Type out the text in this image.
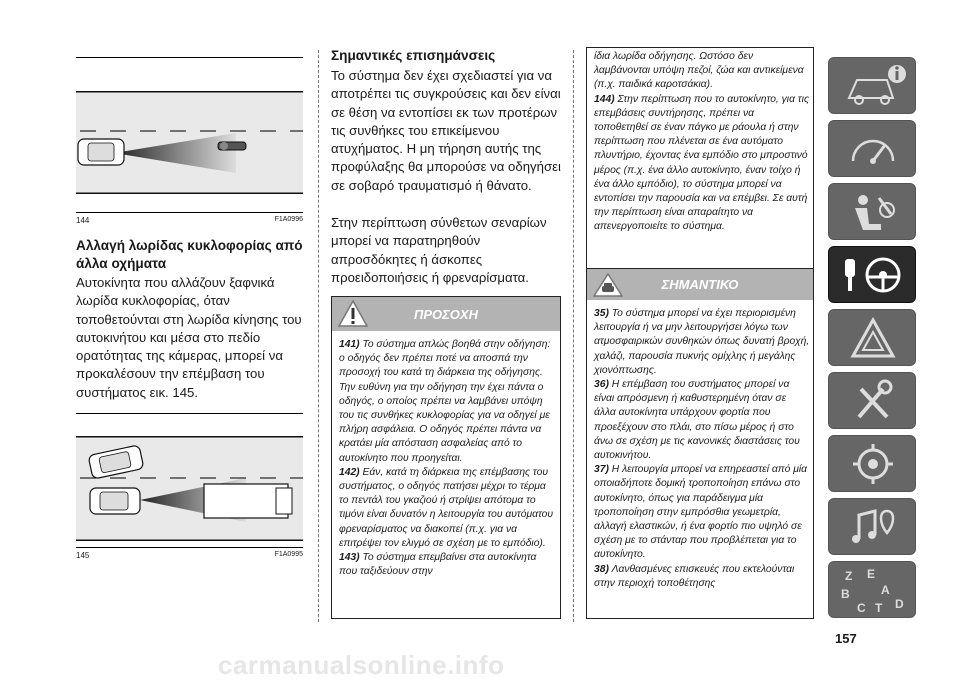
144	F1A0996
Αλλαγή λωρίδας κυκλοφορίας από άλλα οχήματα

Αυτοκίνητα που αλλάζουν ξαφνικά λωρίδα κυκλοφορίας, όταν τοποθετούνται στη λωρίδα κίνησης του αυτοκινήτου και μέσα στο πεδίο ορατότητας της κάμερας, μπορεί να προκαλέσουν την επέμβαση του συστήματος εικ. 145.

145	F1A0995
Σημαντικές επισημάνσεις

Το σύστημα δεν έχει σχεδιαστεί για να αποτρέπει τις συγκρούσεις και δεν είναι σε θέση να εντοπίσει εκ των προτέρων τις συνθήκες του επικείμενου ατυχήματος. Η μη τήρηση αυτής της προφύλαξης θα μπορούσε να οδηγήσει σε σοβαρό τραυματισμό ή θάνατο.

Στην περίπτωση σύνθετων σεναρίων μπορεί να παρατηρηθούν απροσδόκητες ή άσκοπες προειδοποιήσεις ή φρεναρίσματα.

ΠΡΟΣΟΧΗ
141) Το σύστημα απλώς βοηθά στην οδήγηση: ο οδηγός δεν πρέπει ποτέ να αποσπά την προσοχή του κατά τη διάρκεια της οδήγησης. Την ευθύνη για την οδήγηση την έχει πάντα ο οδηγός, ο οποίος πρέπει να λαμβάνει υπόψη του τις συνθήκες κυκλοφορίας για να οδηγεί με πλήρη ασφάλεια. Ο οδηγός πρέπει πάντα να κρατάει μία απόσταση ασφαλείας από το αυτοκίνητο που προηγείται.
142) Εάν, κατά τη διάρκεια της επέμβασης του συστήματος, ο οδηγός πατήσει μέχρι το τέρμα το πεντάλ του γκαζιού ή στρίψει απότομα το τιμόνι είναι δυνατόν η λειτουργία του αυτόματου φρεναρίσματος να διακοπεί (π.χ. για να επιτρέψει τον ελιγμό σε σχέση με το εμπόδιο).
143) Το σύστημα επεμβαίνει στα αυτοκίνητα που ταξιδεύουν στην
ίδια λωρίδα οδήγησης. Ωστόσο δεν λαμβάνονται υπόψη πεζοί, ζώα και αντικείμενα (π.χ. παιδικά καροτσάκια).
144) Στην περίπτωση που το αυτοκίνητο, για τις επεμβάσεις συντήρησης, πρέπει να τοποθετηθεί σε έναν πάγκο με ράουλα ή στην περίπτωση που πλένεται σε ένα αυτόματο πλυντήριο, έχοντας ένα εμπόδιο στο μπροστινό μέρος (π.χ. ένα άλλο αυτοκίνητο, έναν τοίχο ή ένα άλλο εμπόδιο), το σύστημα μπορεί να εντοπίσει την παρουσία και να επέμβει. Σε αυτή την περίπτωση είναι απαραίτητο να απενεργοποιείτε το σύστημα.
ΣΗΜΑΝΤΙΚΟ
35) Το σύστημα μπορεί να έχει περιορισμένη λειτουργία ή να μην λειτουργήσει λόγω των ατμοσφαιρικών συνθηκών όπως δυνατή βροχή, χαλάζι, παρουσία πυκνής ομίχλης ή μεγάλης χιονόπτωσης.
36) Η επέμβαση του συστήματος μπορεί να είναι απρόσμενη ή καθυστερημένη όταν σε άλλα αυτοκίνητα υπάρχουν φορτία που προεξέχουν στο πλάι, στο πίσω μέρος ή στο άνω σε σχέση με τις κανονικές διαστάσεις του αυτοκινήτου.
37) Η λειτουργία μπορεί να επηρεαστεί από μία οποιαδήποτε δομική τροποποίηση επάνω στο αυτοκίνητο, όπως για παράδειγμα μία τροποποίηση στην εμπρόσθια γεωμετρία, αλλαγή ελαστικών, ή ένα φορτίο πιο υψηλό σε σχέση με το στάνταρ που προβλέπεται για το αυτοκίνητο.
38) Λανθασμένες επισκευές που εκτελούνται στην περιοχή τοποθέτησης
Z E
B	A
C T D
157
carmanualsonline.info
